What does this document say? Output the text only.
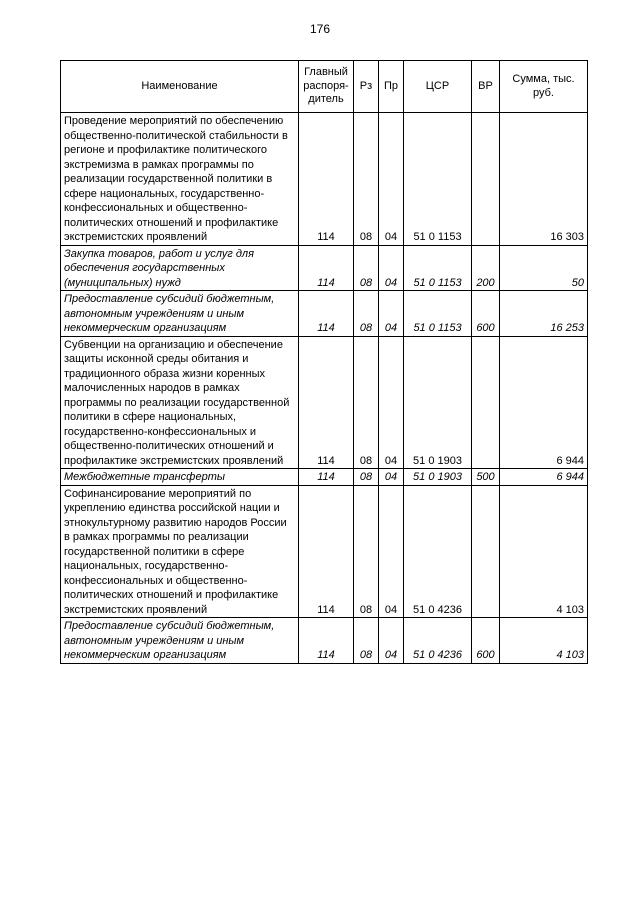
176
Наименование	Главный распоря-дитель	Рз	Пр	ЦСР	ВР	Сумма, тыс. руб.
Проведение мероприятий по обеспечению общественно-политической стабильности в регионе и профилактике политического экстремизма в рамках программы по реализации государственной политики в сфере национальных, государственно-конфессиональных и общественно-политических отношений и профилактике экстремистских проявлений	114	08	04	51 0 1153		16 303
Закупка товаров, работ и услуг для обеспечения государственных (муниципальных) нужд	114	08	04	51 0 1153	200	50
Предоставление субсидий бюджетным, автономным учреждениям и иным некоммерческим организациям	114	08	04	51 0 1153	600	16 253
Субвенции на организацию и обеспечение защиты исконной среды обитания и традиционного образа жизни коренных малочисленных народов в рамках программы по реализации государственной политики в сфере национальных, государственно-конфессиональных и общественно-политических отношений и профилактике экстремистских проявлений	114	08	04	51 0 1903		6 944
Межбюджетные трансферты	114	08	04	51 0 1903	500	6 944
Софинансирование мероприятий по укреплению единства российской нации и этнокультурному развитию народов России в рамках программы по реализации государственной политики в сфере национальных, государственно-конфессиональных и общественно-политических отношений и профилактике экстремистских проявлений	114	08	04	51 0 4236		4 103
Предоставление субсидий бюджетным, автономным учреждениям и иным некоммерческим организациям	114	08	04	51 0 4236	600	4 103
